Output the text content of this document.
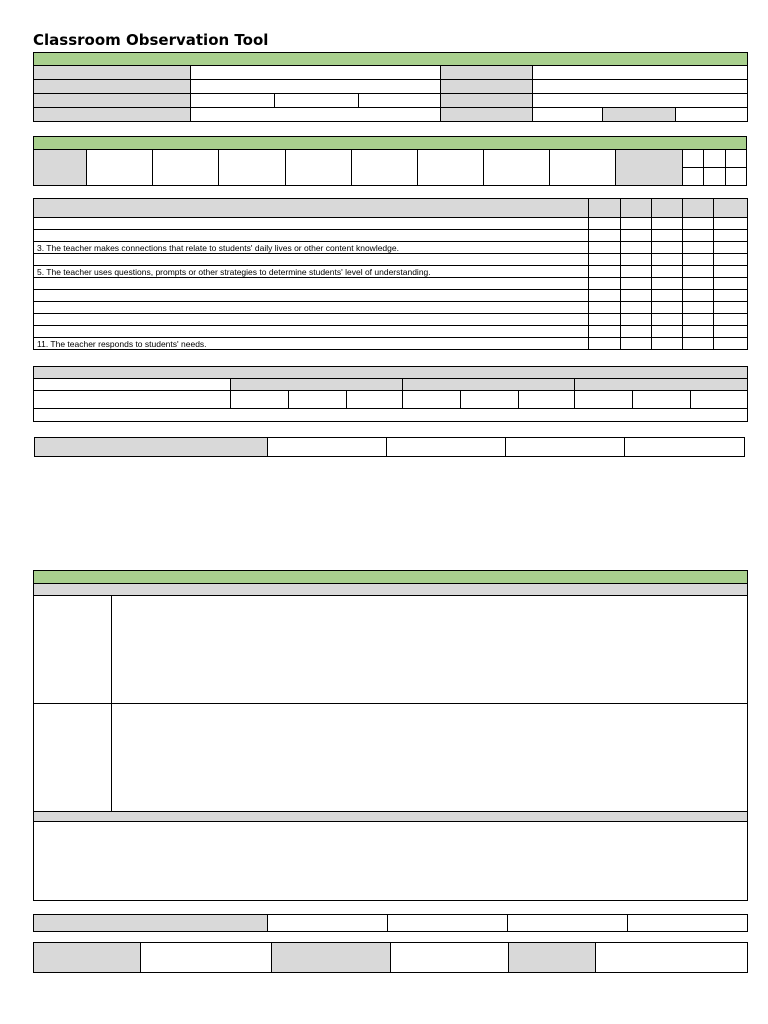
Classroom Observation Tool

3. The teacher makes connections that relate to students' daily lives or other content knowledge.					

5. The teacher uses questions, prompts or other strategies to determine students' level of understanding.					

11. The teacher responds to students' needs.					
